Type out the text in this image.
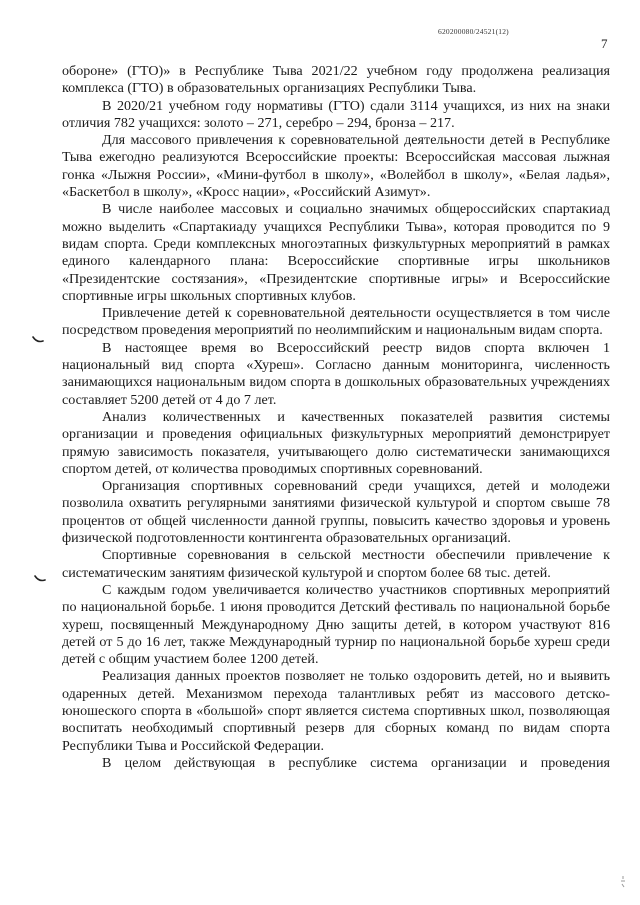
620200080/24521(12)
7

обороне» (ГТО)» в Республике Тыва 2021/22 учебном году продолжена реализация комплекса (ГТО) в образовательных организациях Республики Тыва.

В 2020/21 учебном году нормативы (ГТО) сдали 3114 учащихся, из них на знаки отличия 782 учащихся: золото – 271, серебро – 294, бронза – 217.

Для массового привлечения к соревновательной деятельности детей в Республике Тыва ежегодно реализуются Всероссийские проекты: Всероссийская массовая лыжная гонка «Лыжня России», «Мини-футбол в школу», «Волейбол в школу», «Белая ладья», «Баскетбол в школу», «Кросс нации», «Российский Азимут».

В числе наиболее массовых и социально значимых общероссийских спартакиад можно выделить «Спартакиаду учащихся Республики Тыва», которая проводится по 9 видам спорта. Среди комплексных многоэтапных физкультурных мероприятий в рамках единого календарного плана: Всероссийские спортивные игры школьников «Президентские состязания», «Президентские спортивные игры» и Всероссийские спортивные игры школьных спортивных клубов.

Привлечение детей к соревновательной деятельности осуществляется в том числе посредством проведения мероприятий по неолимпийским и национальным видам спорта.

В настоящее время во Всероссийский реестр видов спорта включен 1 национальный вид спорта «Хуреш». Согласно данным мониторинга, численность занимающихся национальным видом спорта в дошкольных образовательных учреждениях составляет 5200 детей от 4 до 7 лет.

Анализ количественных и качественных показателей развития системы организации и проведения официальных физкультурных мероприятий демонстрирует прямую зависимость показателя, учитывающего долю систематически занимающихся спортом детей, от количества проводимых спортивных соревнований.

Организация спортивных соревнований среди учащихся, детей и молодежи позволила охватить регулярными занятиями физической культурой и спортом свыше 78 процентов от общей численности данной группы, повысить качество здоровья и уровень физической подготовленности контингента образовательных организаций.

Спортивные соревнования в сельской местности обеспечили привлечение к систематическим занятиям физической культурой и спортом более 68 тыс. детей.

С каждым годом увеличивается количество участников спортивных мероприятий по национальной борьбе. 1 июня проводится Детский фестиваль по национальной борьбе хуреш, посвященный Международному Дню защиты детей, в котором участвуют 816 детей от 5 до 16 лет, также Международный турнир по национальной борьбе хуреш среди детей с общим участием более 1200 детей.

Реализация данных проектов позволяет не только оздоровить детей, но и выявить одаренных детей. Механизмом перехода талантливых ребят из массового детско-юношеского спорта в «большой» спорт является система спортивных школ, позволяющая воспитать необходимый спортивный резерв для сборных команд по видам спорта Республики Тыва и Российской Федерации.

В целом действующая в республике система организации и проведения
